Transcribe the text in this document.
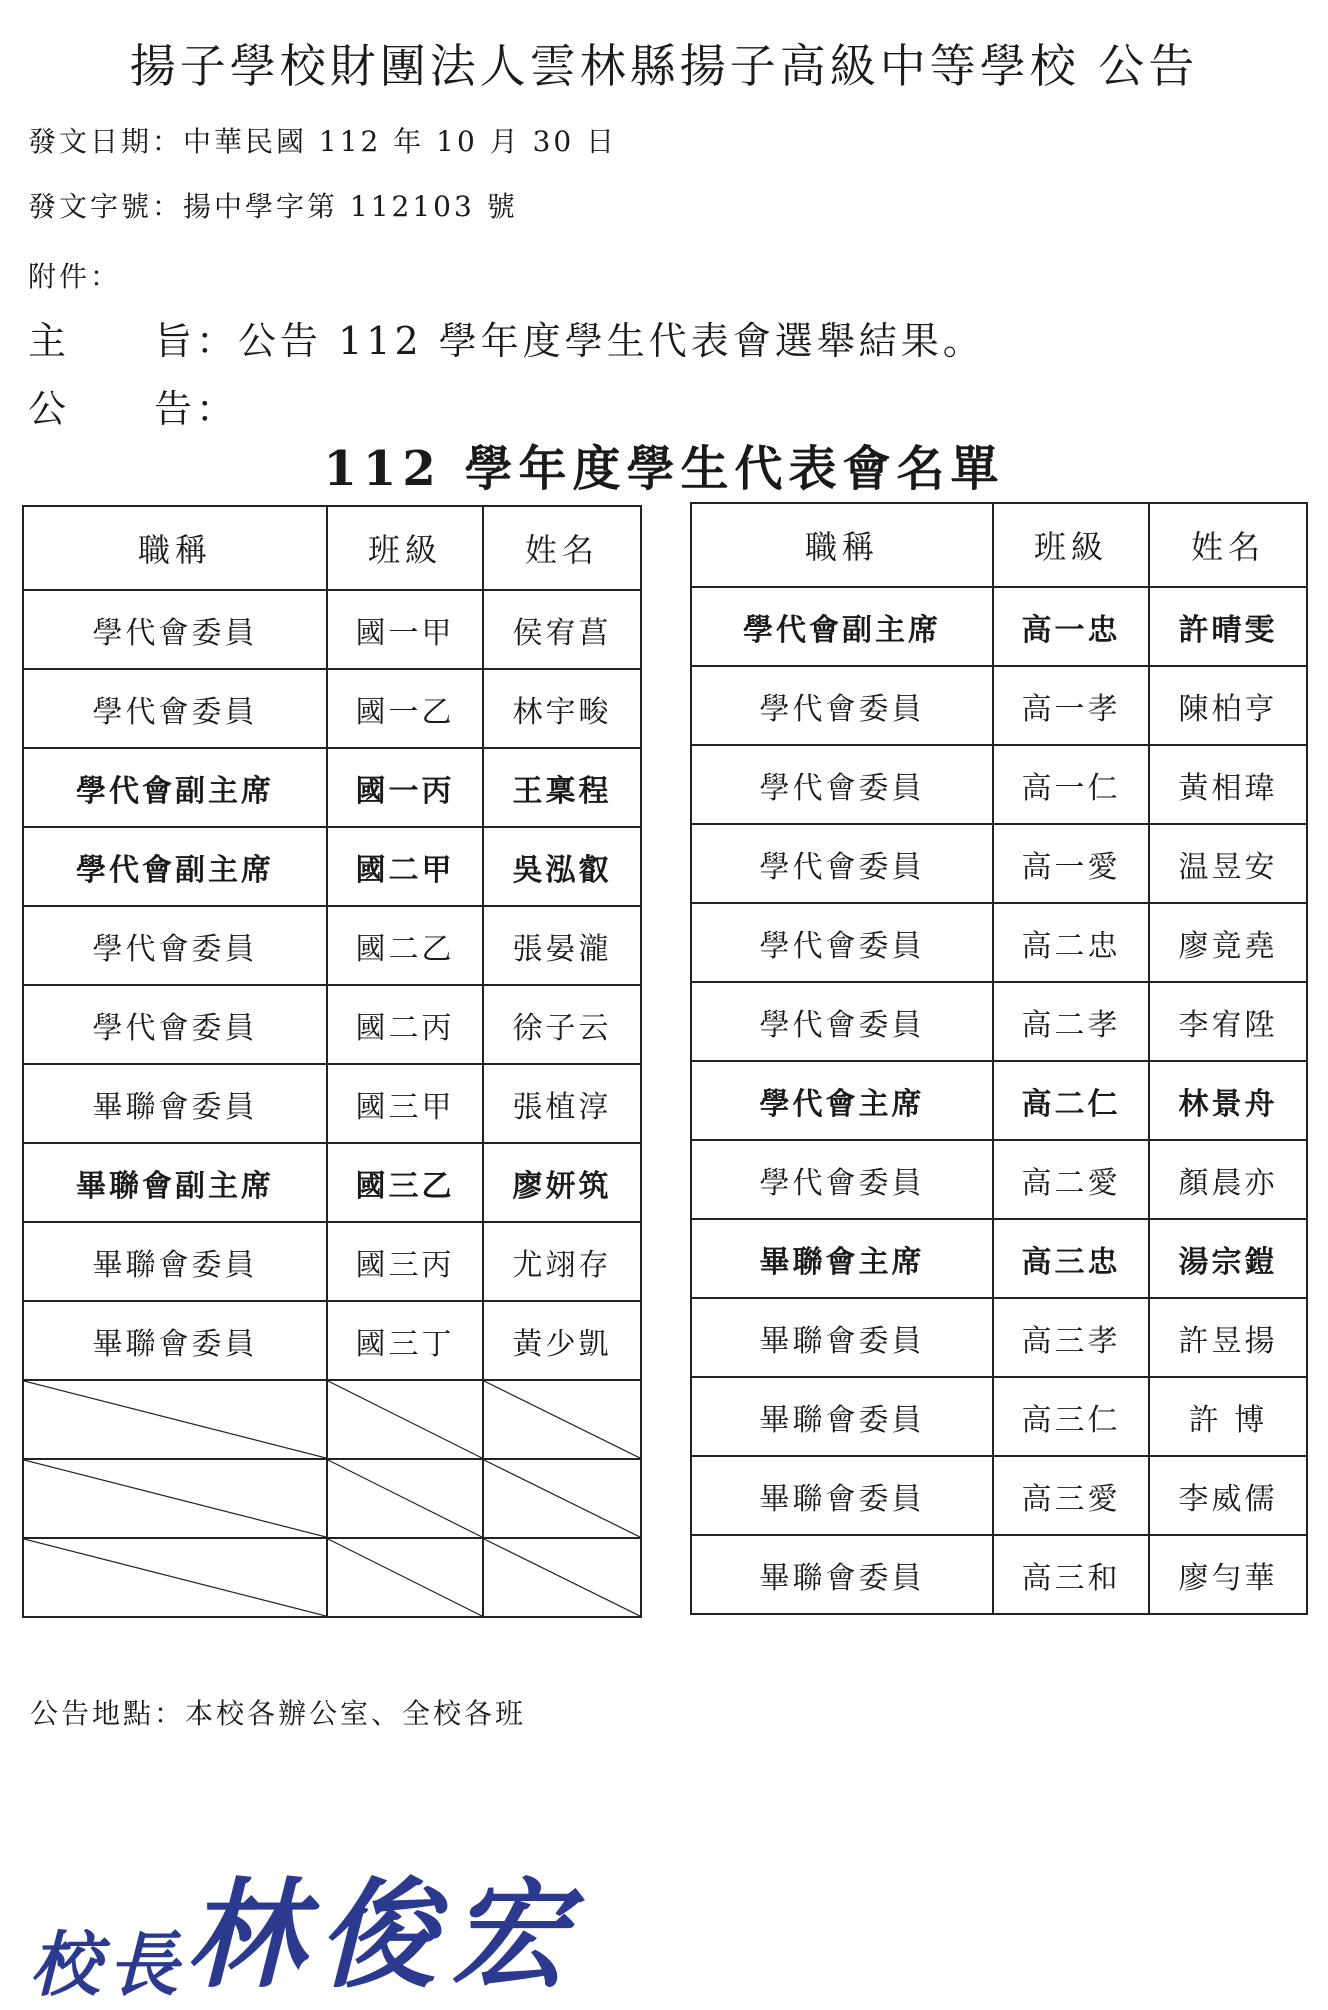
揚子學校財團法人雲林縣揚子高級中等學校 公告
發文日期：中華民國 112 年 10 月 30 日
發文字號：揚中學字第 112103 號
附件：
主　　旨：公告 112 學年度學生代表會選舉結果。
公　　告：
112 學年度學生代表會名單
職稱	班級	姓名
學代會委員	國一甲	侯宥菖
學代會委員	國一乙	林宇畯
學代會副主席	國一丙	王稟程
學代會副主席	國二甲	吳泓叡
學代會委員	國二乙	張晏瀧
學代會委員	國二丙	徐子云
畢聯會委員	國三甲	張植淳
畢聯會副主席	國三乙	廖妍筑
畢聯會委員	國三丙	尤翊存
畢聯會委員	國三丁	黃少凱

職稱	班級	姓名
學代會副主席	高一忠	許晴雯
學代會委員	高一孝	陳柏亨
學代會委員	高一仁	黃相瑋
學代會委員	高一愛	温昱安
學代會委員	高二忠	廖竟堯
學代會委員	高二孝	李宥陞
學代會主席	高二仁	林景舟
學代會委員	高二愛	顏晨亦
畢聯會主席	高三忠	湯宗鎧
畢聯會委員	高三孝	許昱揚
畢聯會委員	高三仁	許 博
畢聯會委員	高三愛	李威儒
畢聯會委員	高三和	廖勻華
公告地點：本校各辦公室、全校各班
校長林俊宏
